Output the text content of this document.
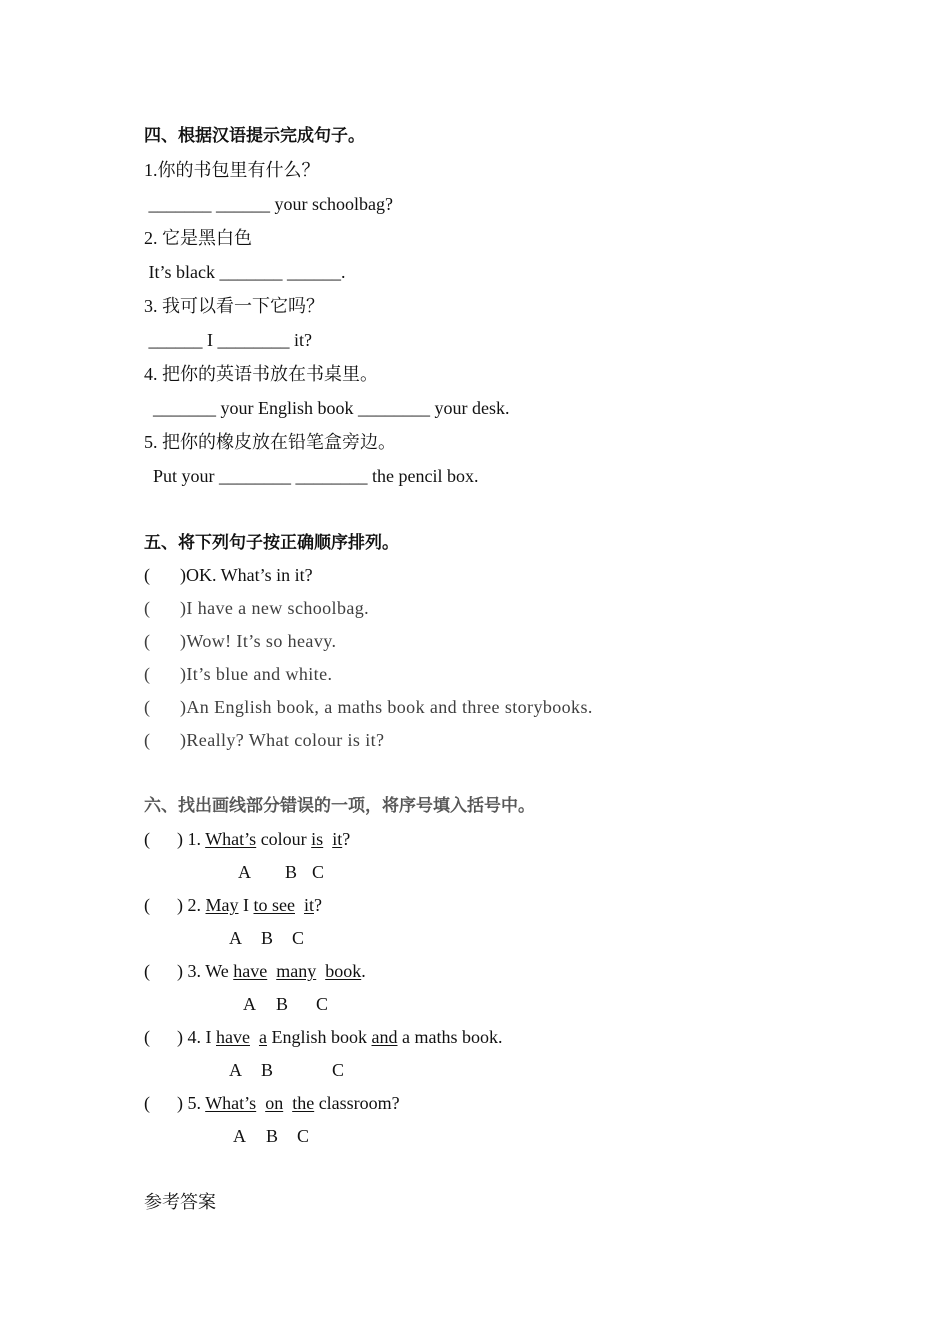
四、根据汉语提示完成句子。
1.你的书包里有什么？
_______ ______ your schoolbag?
2. 它是黑白色
It’s black _______ ______.
3. 我可以看一下它吗？
______ I ________ it?
4. 把你的英语书放在书桌里。
_______ your English book ________ your desk.
5. 把你的橡皮放在铅笔盒旁边。
Put your ________ ________ the pencil box.
五、将下列句子按正确顺序排列。
( )OK. What’s in it?
( )I have a new schoolbag.
( )Wow! It’s so heavy.
( )It’s blue and white.
( )An English book, a maths book and three storybooks.
( )Really? What colour is it?
六、找出画线部分错误的一项，将序号填入括号中。
(      ) 1. What’s colour is it?
A B C
(      ) 2. May I to see it?
A B C
(      ) 3. We have many book.
A B C
(      ) 4. I have a English book and a maths book.
A B	C
(      ) 5. What’s on the classroom?
A B C
参考答案
